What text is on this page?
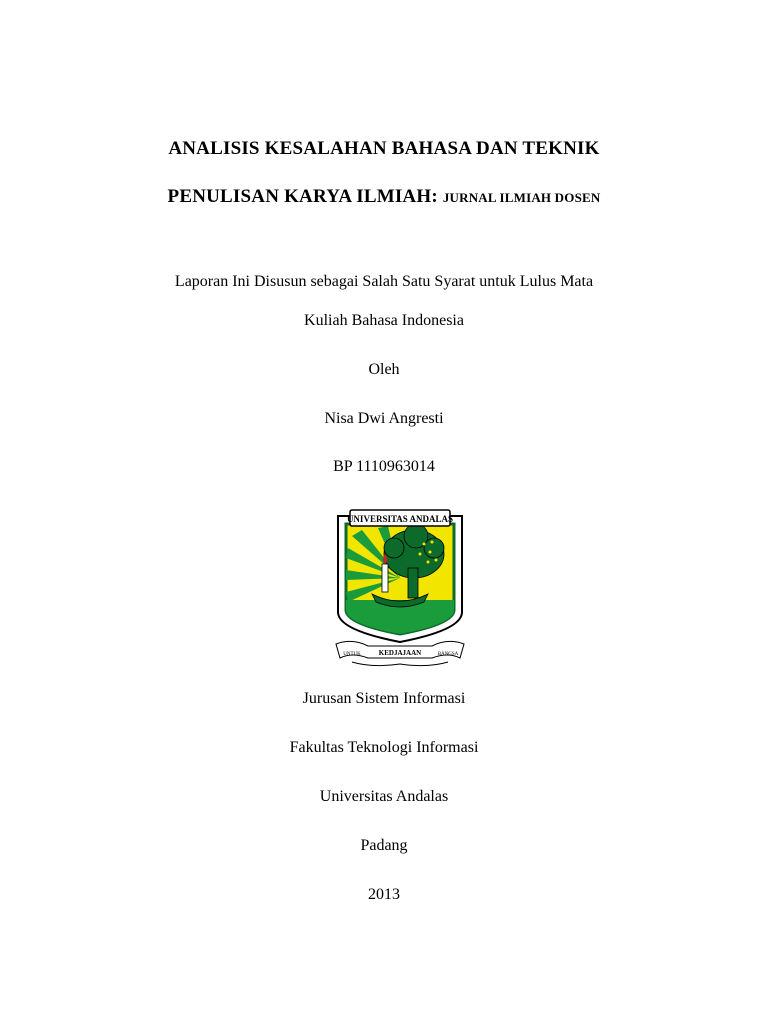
ANALISIS KESALAHAN BAHASA DAN TEKNIK
PENULISAN KARYA ILMIAH: JURNAL ILMIAH DOSEN
Laporan Ini Disusun sebagai Salah Satu Syarat untuk Lulus Mata
Kuliah Bahasa Indonesia
Oleh
Nisa Dwi Angresti
BP 1110963014
UNIVERSITAS ANDALAS
KEDJAJAAN
UNTUK	BANGSA
Jurusan Sistem Informasi
Fakultas Teknologi Informasi
Universitas Andalas
Padang
2013
